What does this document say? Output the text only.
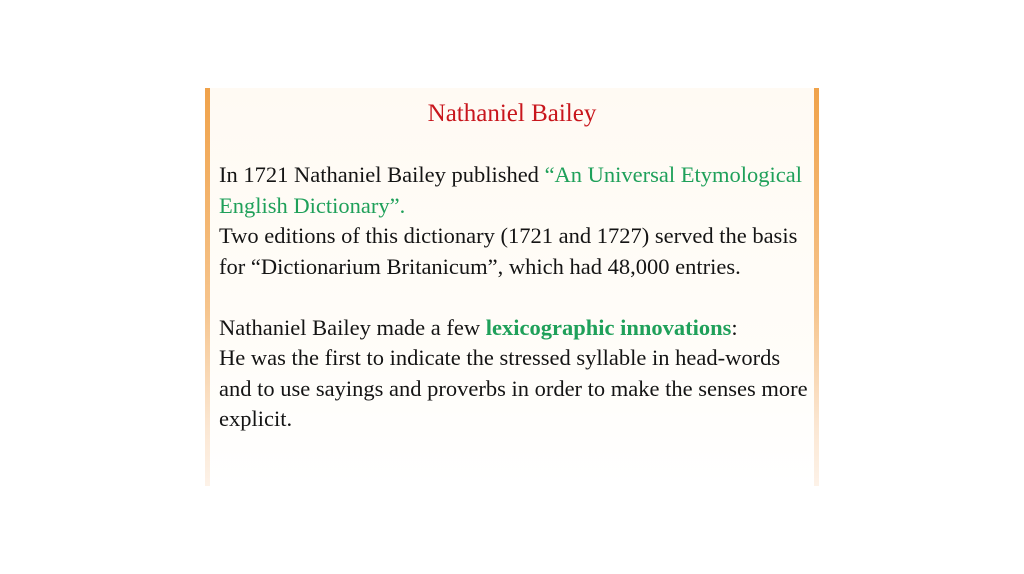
Nathaniel Bailey

In 1721 Nathaniel Bailey published “An Universal Etymological English Dictionary”.

Two editions of this dictionary (1721 and 1727) served the basis for “Dictionarium Britanicum”, which had 48,000 entries.

Nathaniel Bailey made a few lexicographic innovations:

He was the first to indicate the stressed syllable in head-words and to use sayings and proverbs in order to make the senses more explicit.
